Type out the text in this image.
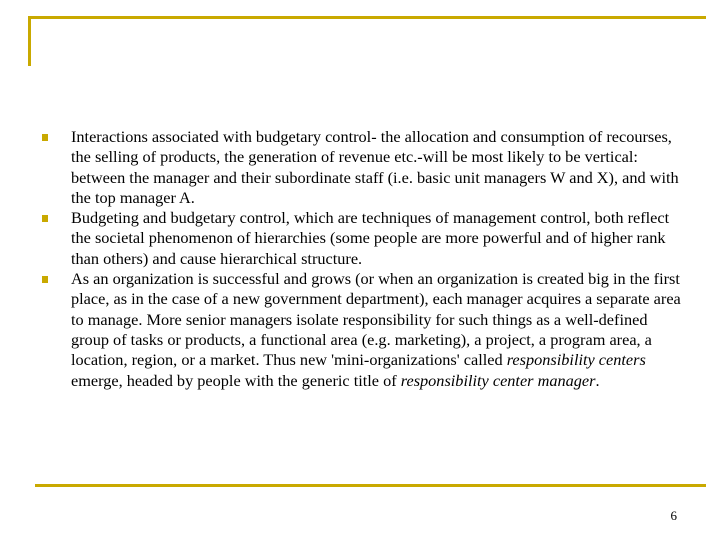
Interactions associated with budgetary control- the allocation and consumption of recourses, the selling of products, the generation of revenue etc.-will be most likely to be vertical: between the manager and their subordinate staff (i.e. basic unit managers W and X), and with the top manager A.
Budgeting and budgetary control, which are techniques of management control, both reflect the societal phenomenon of hierarchies (some people are more powerful and of higher rank than others) and cause hierarchical structure.
As an organization is successful and grows (or when an organization is created big in the first place, as in the case of a new government department), each manager acquires a separate area to manage. More senior managers isolate responsibility for such things as a well-defined group of tasks or products, a functional area (e.g. marketing), a project, a program area, a location, region, or a market. Thus new 'mini-organizations' called responsibility centers emerge, headed by people with the generic title of responsibility center manager.
6
